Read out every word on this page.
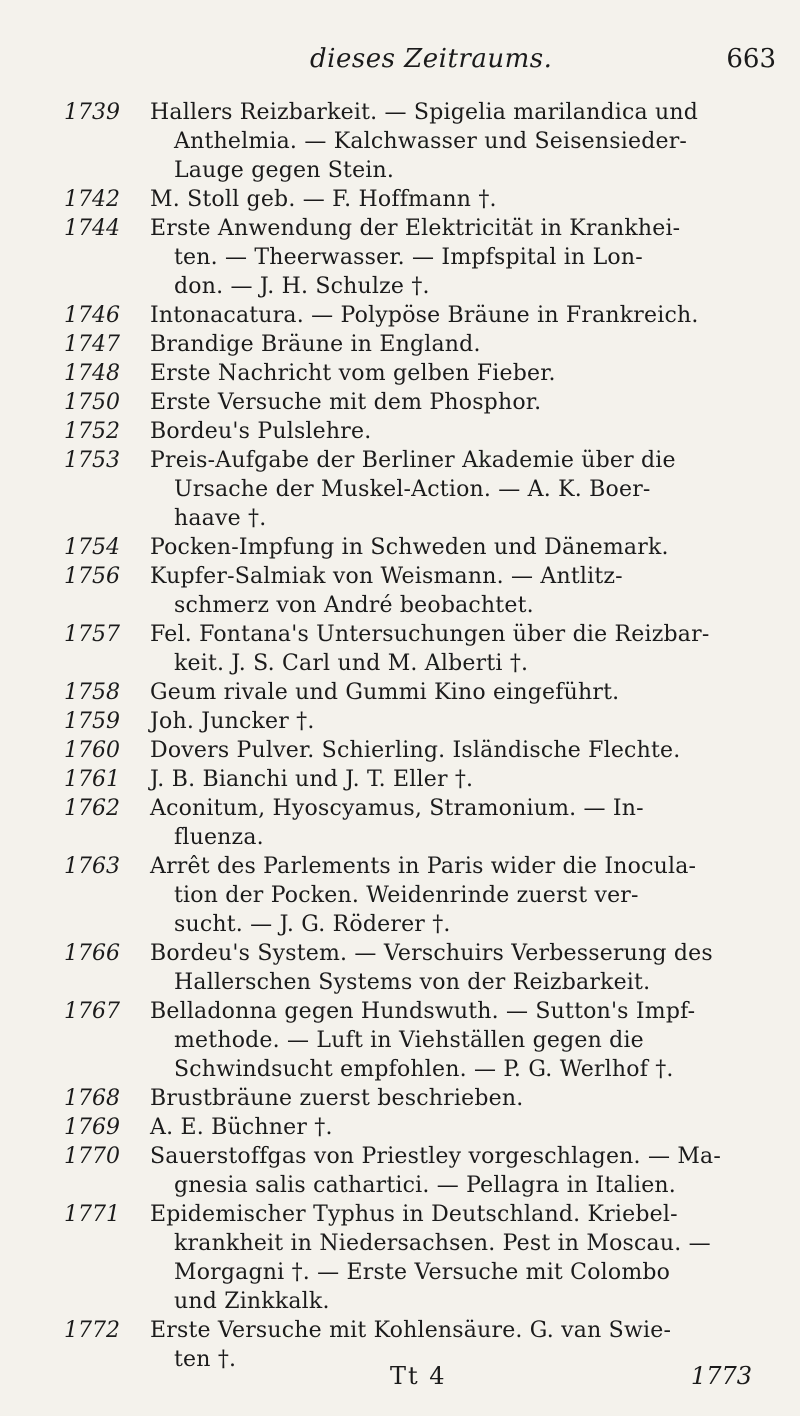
dieses Zeitraums.	663
1739	Hallers Reizbarkeit. — Spigelia marilandica und
Anthelmia. — Kalchwasser und Seisensieder-
Lauge gegen Stein.
1742	M. Stoll geb. — F. Hoffmann †.
1744	Erste Anwendung der Elektricität in Krankhei-
ten. — Theerwasser. — Impfspital in Lon-
don. — J. H. Schulze †.
1746	Intonacatura. — Polypöse Bräune in Frankreich.
1747	Brandige Bräune in England.
1748	Erste Nachricht vom gelben Fieber.
1750	Erste Versuche mit dem Phosphor.
1752	Bordeu's Pulslehre.
1753	Preis-Aufgabe der Berliner Akademie über die
Ursache der Muskel-Action. — A. K. Boer-
haave †.
1754	Pocken-Impfung in Schweden und Dänemark.
1756	Kupfer-Salmiak von Weismann. — Antlitz-
schmerz von André beobachtet.
1757	Fel. Fontana's Untersuchungen über die Reizbar-
keit. J. S. Carl und M. Alberti †.
1758	Geum rivale und Gummi Kino eingeführt.
1759	Joh. Juncker †.
1760	Dovers Pulver. Schierling. Isländische Flechte.
1761	J. B. Bianchi und J. T. Eller †.
1762	Aconitum, Hyoscyamus, Stramonium. — In-
fluenza.
1763	Arrêt des Parlements in Paris wider die Inocula-
tion der Pocken. Weidenrinde zuerst ver-
sucht. — J. G. Röderer †.
1766	Bordeu's System. — Verschuirs Verbesserung des
Hallerschen Systems von der Reizbarkeit.
1767	Belladonna gegen Hundswuth. — Sutton's Impf-
methode. — Luft in Viehställen gegen die
Schwindsucht empfohlen. — P. G. Werlhof †.
1768	Brustbräune zuerst beschrieben.
1769	A. E. Büchner †.
1770	Sauerstoffgas von Priestley vorgeschlagen. — Ma-
gnesia salis cathartici. — Pellagra in Italien.
1771	Epidemischer Typhus in Deutschland. Kriebel-
krankheit in Niedersachsen. Pest in Moscau. —
Morgagni †. — Erste Versuche mit Colombo
und Zinkkalk.
1772	Erste Versuche mit Kohlensäure. G. van Swie-
ten †.
Tt 4	1773
